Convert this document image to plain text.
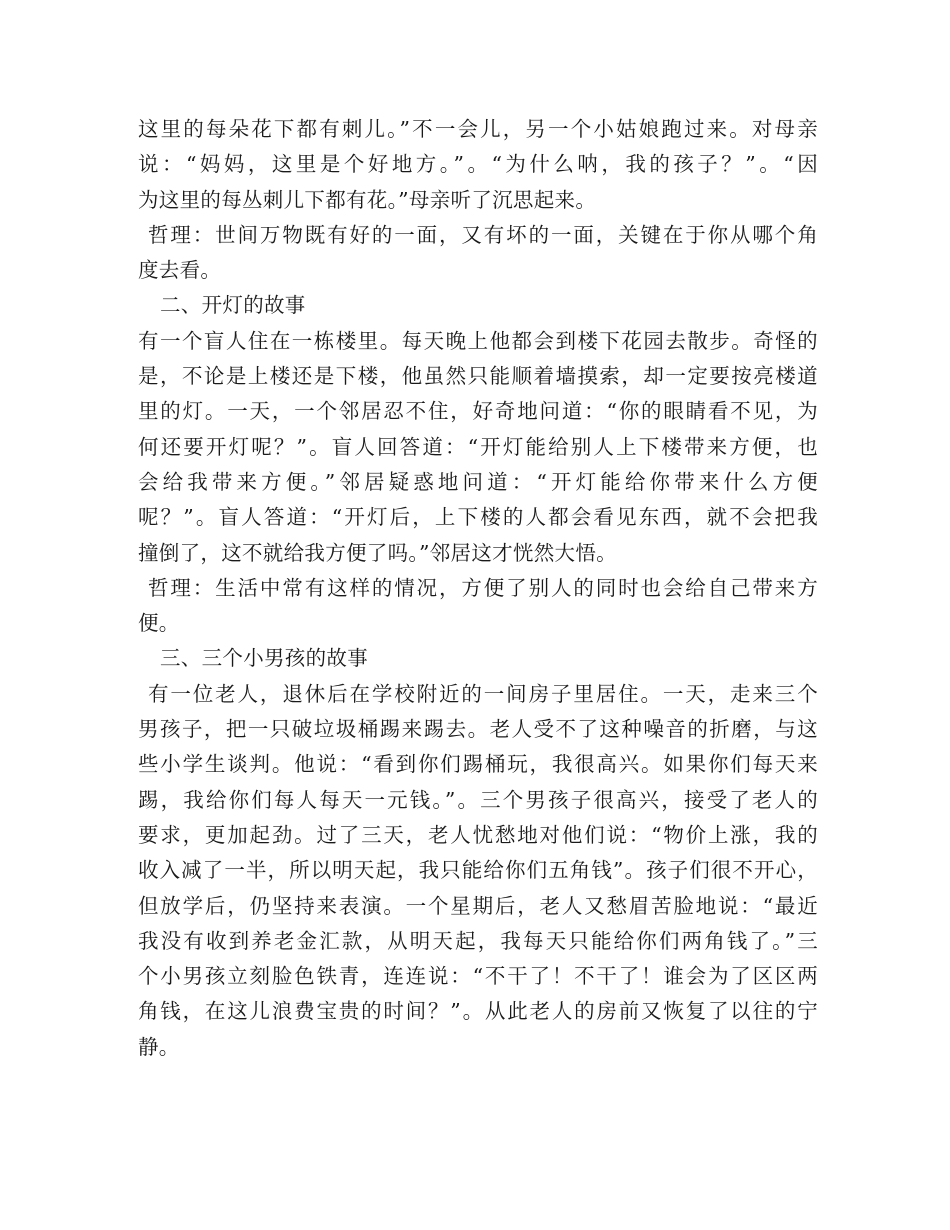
这里的每朵花下都有刺儿。”不一会儿，另一个小姑娘跑过来。对母亲
说：“妈妈，这里是个好地方。”。“为什么呐，我的孩子？”。“因
为这里的每丛刺儿下都有花。”母亲听了沉思起来。
哲理：世间万物既有好的一面，又有坏的一面，关键在于你从哪个角
度去看。
二、开灯的故事
有一个盲人住在一栋楼里。每天晚上他都会到楼下花园去散步。奇怪的
是，不论是上楼还是下楼，他虽然只能顺着墙摸索，却一定要按亮楼道
里的灯。一天，一个邻居忍不住，好奇地问道：“你的眼睛看不见，为
何还要开灯呢？”。盲人回答道：“开灯能给别人上下楼带来方便，也
会给我带来方便。”邻居疑惑地问道：“开灯能给你带来什么方便
呢？”。盲人答道：“开灯后，上下楼的人都会看见东西，就不会把我
撞倒了，这不就给我方便了吗。”邻居这才恍然大悟。
哲理：生活中常有这样的情况，方便了别人的同时也会给自己带来方
便。
三、三个小男孩的故事
有一位老人，退休后在学校附近的一间房子里居住。一天，走来三个
男孩子，把一只破垃圾桶踢来踢去。老人受不了这种噪音的折磨，与这
些小学生谈判。他说：“看到你们踢桶玩，我很高兴。如果你们每天来
踢，我给你们每人每天一元钱。”。三个男孩子很高兴，接受了老人的
要求，更加起劲。过了三天，老人忧愁地对他们说：“物价上涨，我的
收入减了一半，所以明天起，我只能给你们五角钱”。孩子们很不开心，
但放学后，仍坚持来表演。一个星期后，老人又愁眉苦脸地说：“最近
我没有收到养老金汇款，从明天起，我每天只能给你们两角钱了。”三
个小男孩立刻脸色铁青，连连说：“不干了！不干了！谁会为了区区两
角钱，在这儿浪费宝贵的时间？”。从此老人的房前又恢复了以往的宁
静。
